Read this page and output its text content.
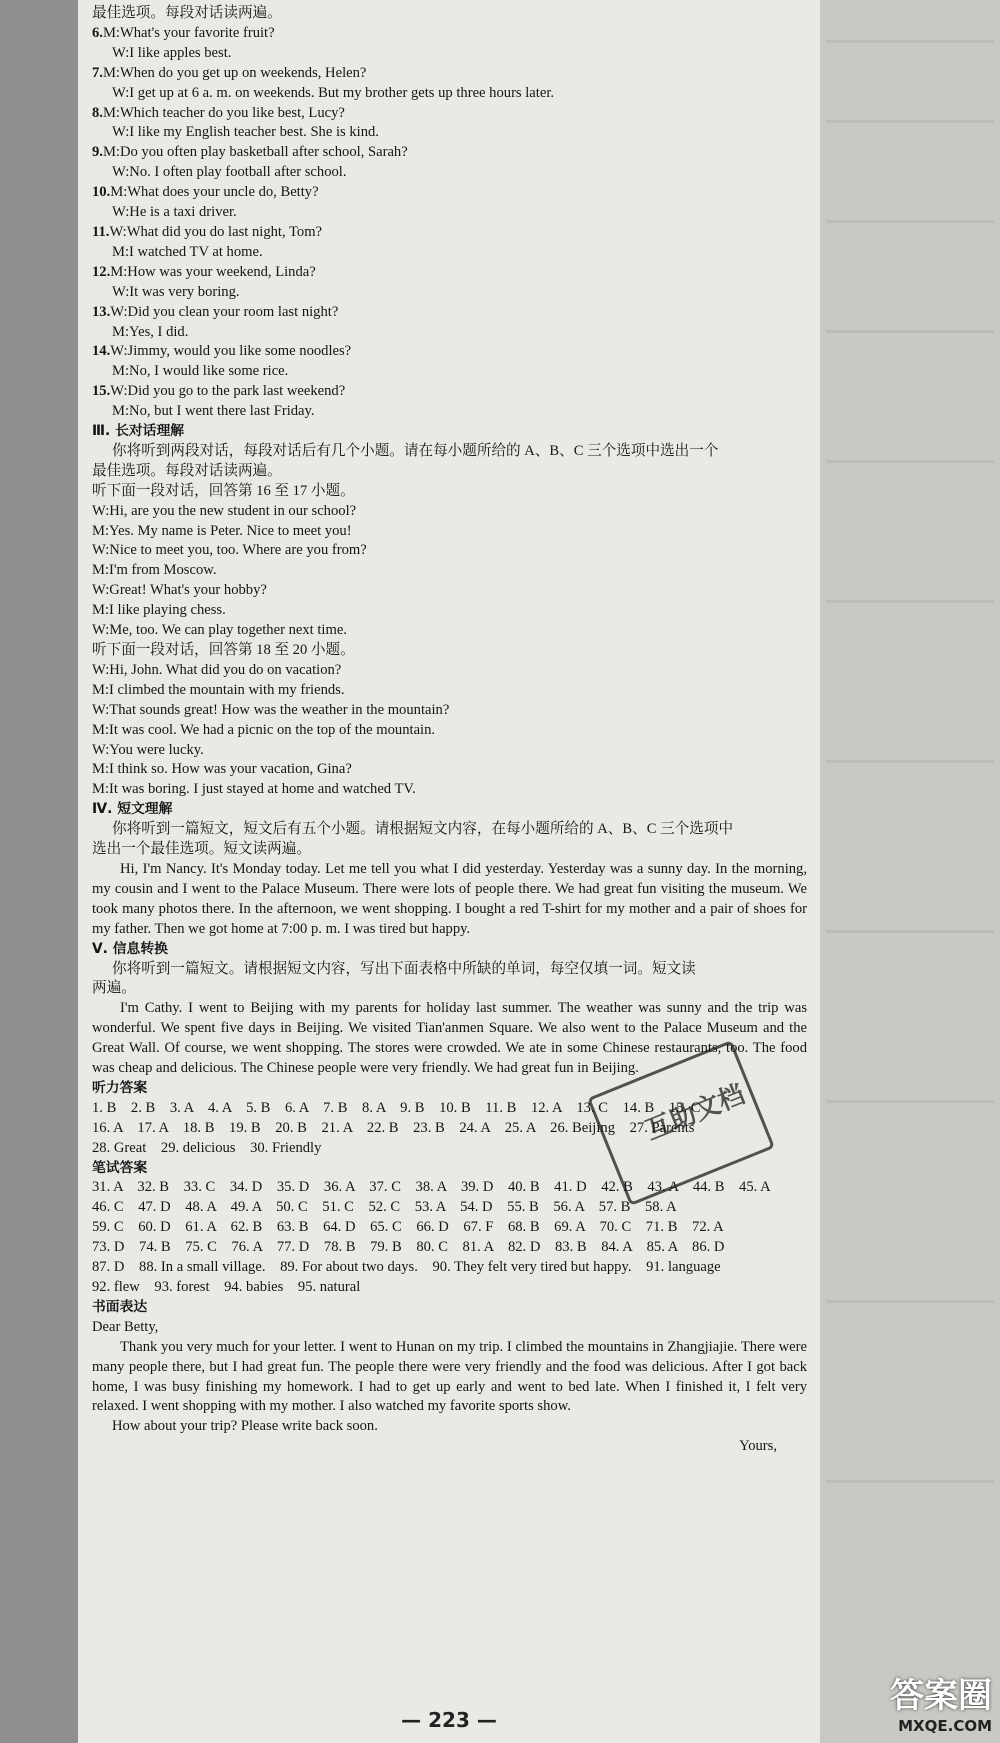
最佳选项。每段对话读两遍。
6.M:What's your favorite fruit?
W:I like apples best.
7.M:When do you get up on weekends, Helen?
W:I get up at 6 a. m. on weekends. But my brother gets up three hours later.
8.M:Which teacher do you like best, Lucy?
W:I like my English teacher best. She is kind.
9.M:Do you often play basketball after school, Sarah?
W:No. I often play football after school.
10.M:What does your uncle do, Betty?
W:He is a taxi driver.
11.W:What did you do last night, Tom?
M:I watched TV at home.
12.M:How was your weekend, Linda?
W:It was very boring.
13.W:Did you clean your room last night?
M:Yes, I did.
14.W:Jimmy, would you like some noodles?
M:No, I would like some rice.
15.W:Did you go to the park last weekend?
M:No, but I went there last Friday.
Ⅲ. 长对话理解
你将听到两段对话，每段对话后有几个小题。请在每小题所给的 A、B、C 三个选项中选出一个
最佳选项。每段对话读两遍。
听下面一段对话，回答第 16 至 17 小题。
W:Hi, are you the new student in our school?
M:Yes. My name is Peter. Nice to meet you!
W:Nice to meet you, too. Where are you from?
M:I'm from Moscow.
W:Great! What's your hobby?
M:I like playing chess.
W:Me, too. We can play together next time.
听下面一段对话，回答第 18 至 20 小题。
W:Hi, John. What did you do on vacation?
M:I climbed the mountain with my friends.
W:That sounds great! How was the weather in the mountain?
M:It was cool. We had a picnic on the top of the mountain.
W:You were lucky.
M:I think so. How was your vacation, Gina?
M:It was boring. I just stayed at home and watched TV.
Ⅳ. 短文理解
你将听到一篇短文，短文后有五个小题。请根据短文内容，在每小题所给的 A、B、C 三个选项中
选出一个最佳选项。短文读两遍。
Hi, I'm Nancy. It's Monday today. Let me tell you what I did yesterday. Yesterday was a sunny day. In the morning, my cousin and I went to the Palace Museum. There were lots of people there. We had great fun visiting the museum. We took many photos there. In the afternoon, we went shopping. I bought a red T-shirt for my mother and a pair of shoes for my father. Then we got home at 7:00 p. m. I was tired but happy.
Ⅴ. 信息转换
你将听到一篇短文。请根据短文内容，写出下面表格中所缺的单词，每空仅填一词。短文读
两遍。
I'm Cathy. I went to Beijing with my parents for holiday last summer. The weather was sunny and the trip was wonderful. We spent five days in Beijing. We visited Tian'anmen Square. We also went to the Palace Museum and the Great Wall. Of course, we went shopping. The stores were crowded. We ate in some Chinese restaurants, too. The food was cheap and delicious. The Chinese people were very friendly. We had great fun in Beijing.
听力答案
1. B　2. B　3. A　4. A　5. B　6. A　7. B　8. A　9. B　10. B　11. B　12. A　13. C　14. B　15. C
16. A　17. A　18. B　19. B　20. B　21. A　22. B　23. B　24. A　25. A　26. Beijing　27. Parents
28. Great　29. delicious　30. Friendly
笔试答案
31. A　32. B　33. C　34. D　35. D　36. A　37. C　38. A　39. D　40. B　41. D　42. B　43. A　44. B　45. A
46. C　47. D　48. A　49. A　50. C　51. C　52. C　53. A　54. D　55. B　56. A　57. B　58. A
59. C　60. D　61. A　62. B　63. B　64. D　65. C　66. D　67. F　68. B　69. A　70. C　71. B　72. A
73. D　74. B　75. C　76. A　77. D　78. B　79. B　80. C　81. A　82. D　83. B　84. A　85. A　86. D
87. D　88. In a small village.　89. For about two days.　90. They felt very tired but happy.　91. language
92. flew　93. forest　94. babies　95. natural
书面表达
Dear Betty,
Thank you very much for your letter. I went to Hunan on my trip. I climbed the mountains in Zhangjiajie. There were many people there, but I had great fun. The people there were very friendly and the food was delicious. After I got back home, I was busy finishing my homework. I had to get up early and went to bed late. When I finished it, I felt very relaxed. I went shopping with my mother. I also watched my favorite sports show.
How about your trip? Please write back soon.
Yours,
互助文档
— 223 —
答案圈
MXQE.COM
